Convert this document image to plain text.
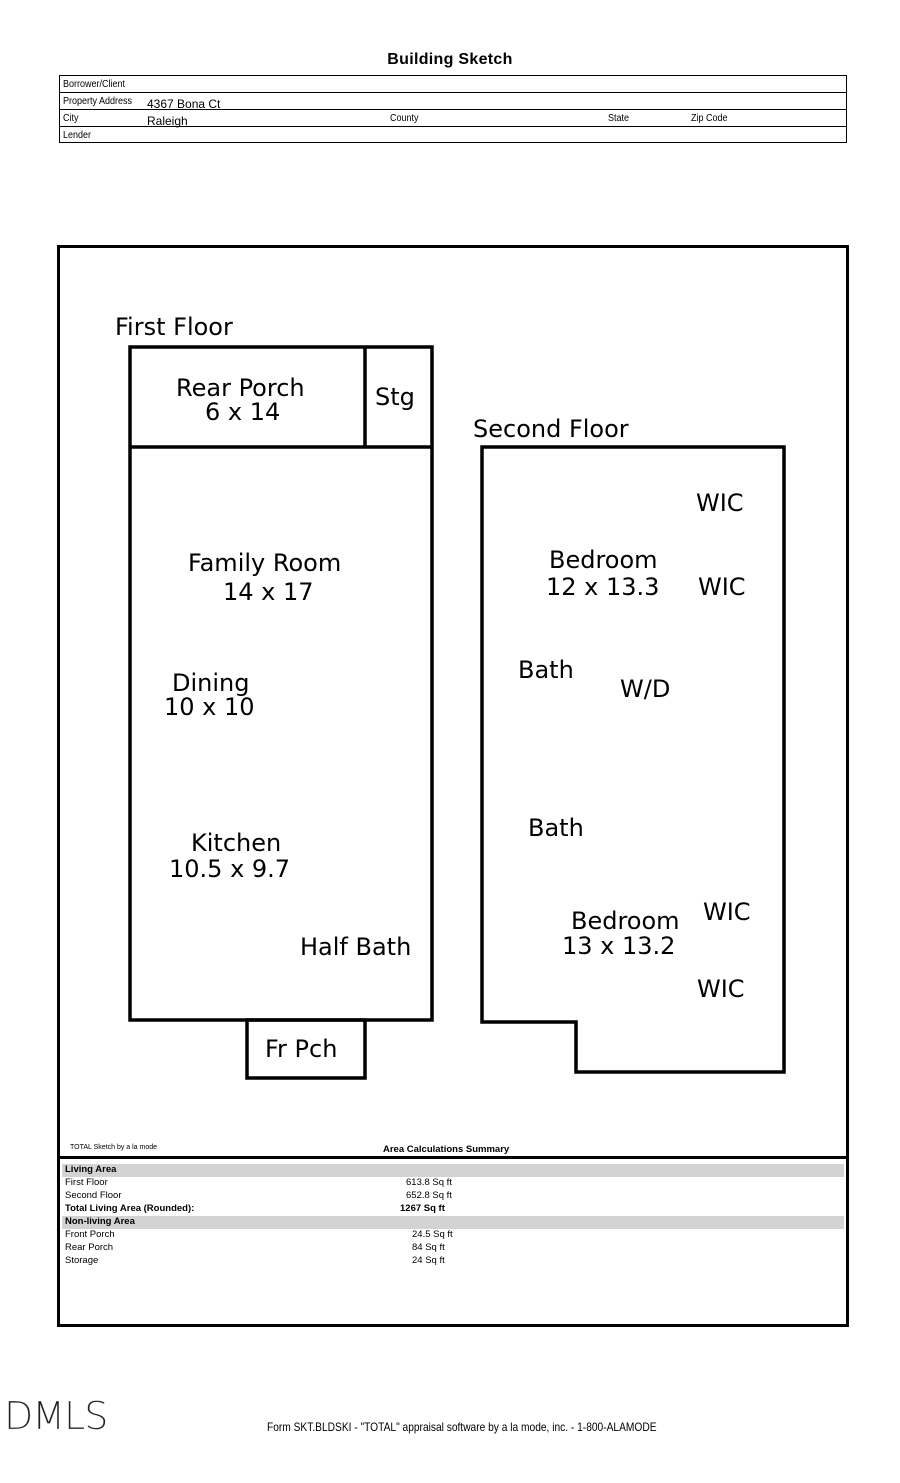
Building Sketch
Borrower/Client
Property Address 4367 Bona Ct
City	Raleigh	County	State	Zip Code
Lender
First Floor
Rear Porch
6 x 14
Stg
Family Room
14 x 17
Dining
10 x 10
Kitchen
10.5 x 9.7
Half Bath
Fr Pch
Second Floor
WIC
Bedroom
12 x 13.3 WIC
Bath
W/D
Bath
Bedroom
13 x 13.2
WIC
WIC
TOTAL Sketch by a la mode	Area Calculations Summary
Living Area
First Floor	613.8 Sq ft
Second Floor	652.8 Sq ft
Total Living Area (Rounded):	1267 Sq ft
Non-living Area
Front Porch	24.5 Sq ft
Rear Porch	84 Sq ft
Storage	24 Sq ft
DMLS	Form SKT.BLDSKI - "TOTAL" appraisal software by a la mode, inc. - 1-800-ALAMODE
